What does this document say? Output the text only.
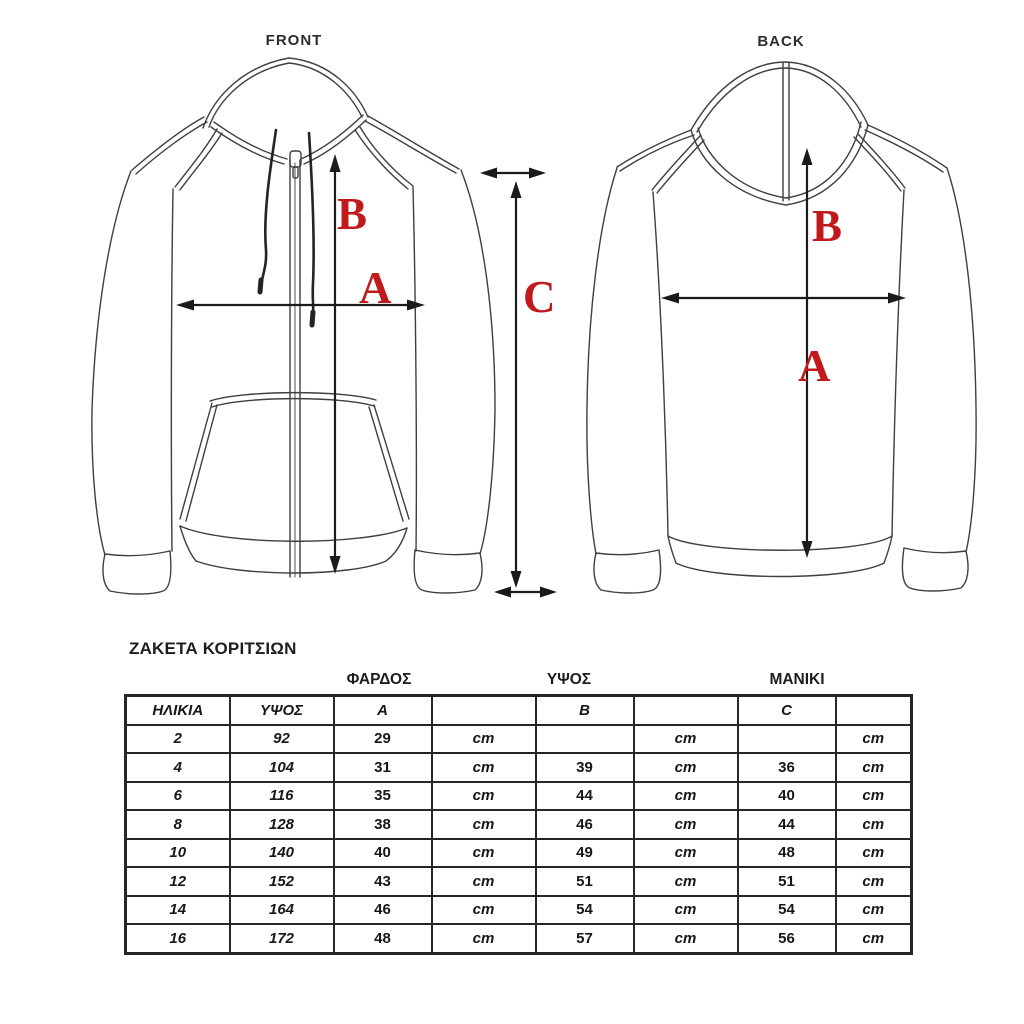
FRONT	BACK
B
A	C
B
A
ΖΑΚΕΤΑ ΚΟΡΙΤΣΙΩΝ
ΦΑΡΔΟΣ	ΥΨΟΣ	ΜΑΝΙΚΙ
ΗΛΙΚΙΑ	ΥΨΟΣ	A		B		C	
2	92	29	cm		cm		cm
4	104	31	cm	39	cm	36	cm
6	116	35	cm	44	cm	40	cm
8	128	38	cm	46	cm	44	cm
10	140	40	cm	49	cm	48	cm
12	152	43	cm	51	cm	51	cm
14	164	46	cm	54	cm	54	cm
16	172	48	cm	57	cm	56	cm
